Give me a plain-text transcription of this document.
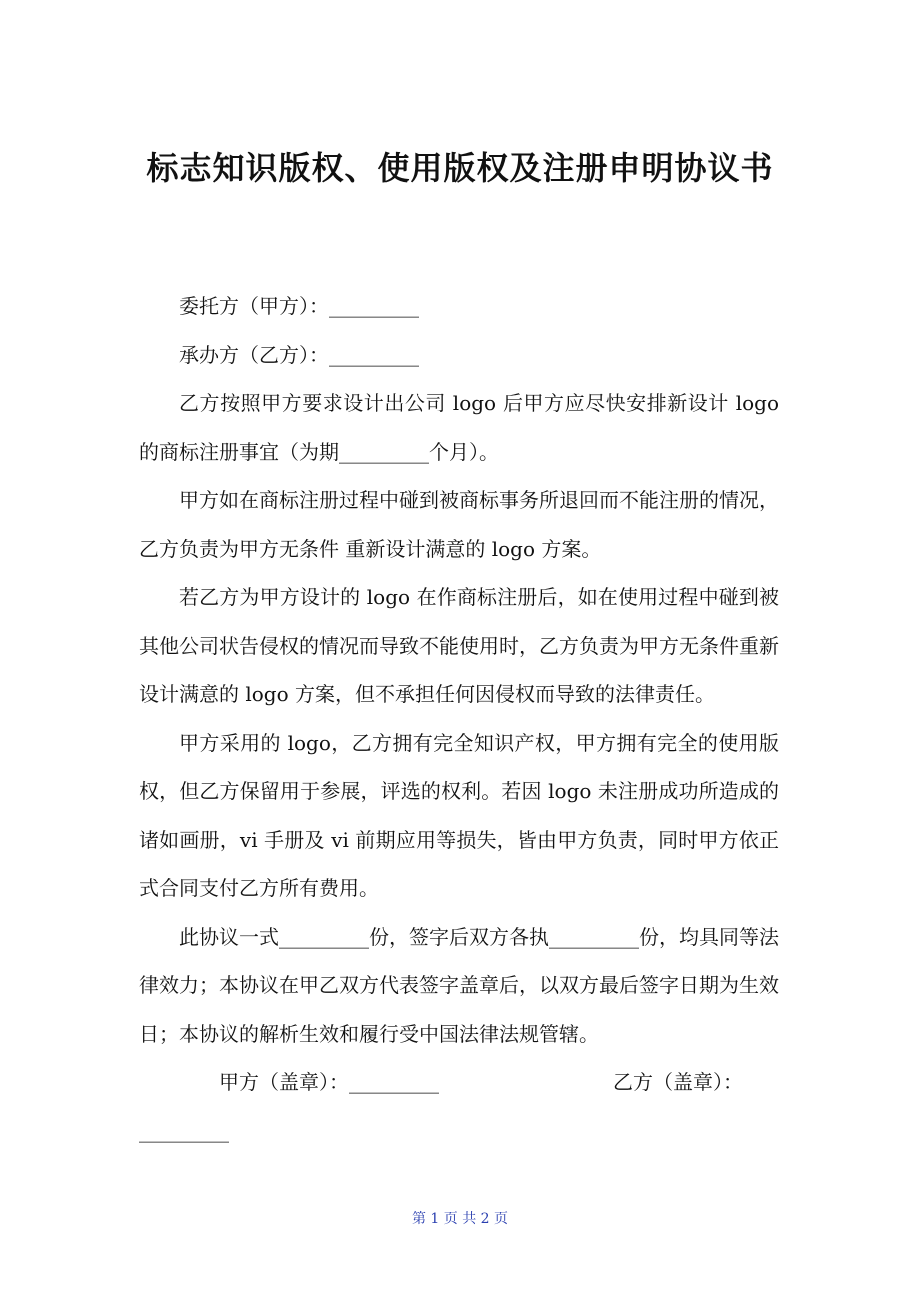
标志知识版权、使用版权及注册申明协议书

委托方（甲方）：_________

承办方（乙方）：_________

乙方按照甲方要求设计出公司 logo 后甲方应尽快安排新设计 logo 的商标注册事宜（为期_________个月）。

甲方如在商标注册过程中碰到被商标事务所退回而不能注册的情况，乙方负责为甲方无条件 重新设计满意的 logo 方案。

若乙方为甲方设计的 logo 在作商标注册后，如在使用过程中碰到被其他公司状告侵权的情况而导致不能使用时，乙方负责为甲方无条件重新设计满意的 logo 方案，但不承担任何因侵权而导致的法律责任。

甲方采用的 logo，乙方拥有完全知识产权，甲方拥有完全的使用版权，但乙方保留用于参展，评选的权利。若因 logo 未注册成功所造成的诸如画册，vi 手册及 vi 前期应用等损失，皆由甲方负责，同时甲方依正式合同支付乙方所有费用。

此协议一式_________份，签字后双方各执_________份，均具同等法律效力；本协议在甲乙双方代表签字盖章后，以双方最后签字日期为生效日；本协议的解析生效和履行受中国法律法规管辖。

甲方（盖章）：_________	乙方（盖章）：

_________

第 1 页 共 2 页
